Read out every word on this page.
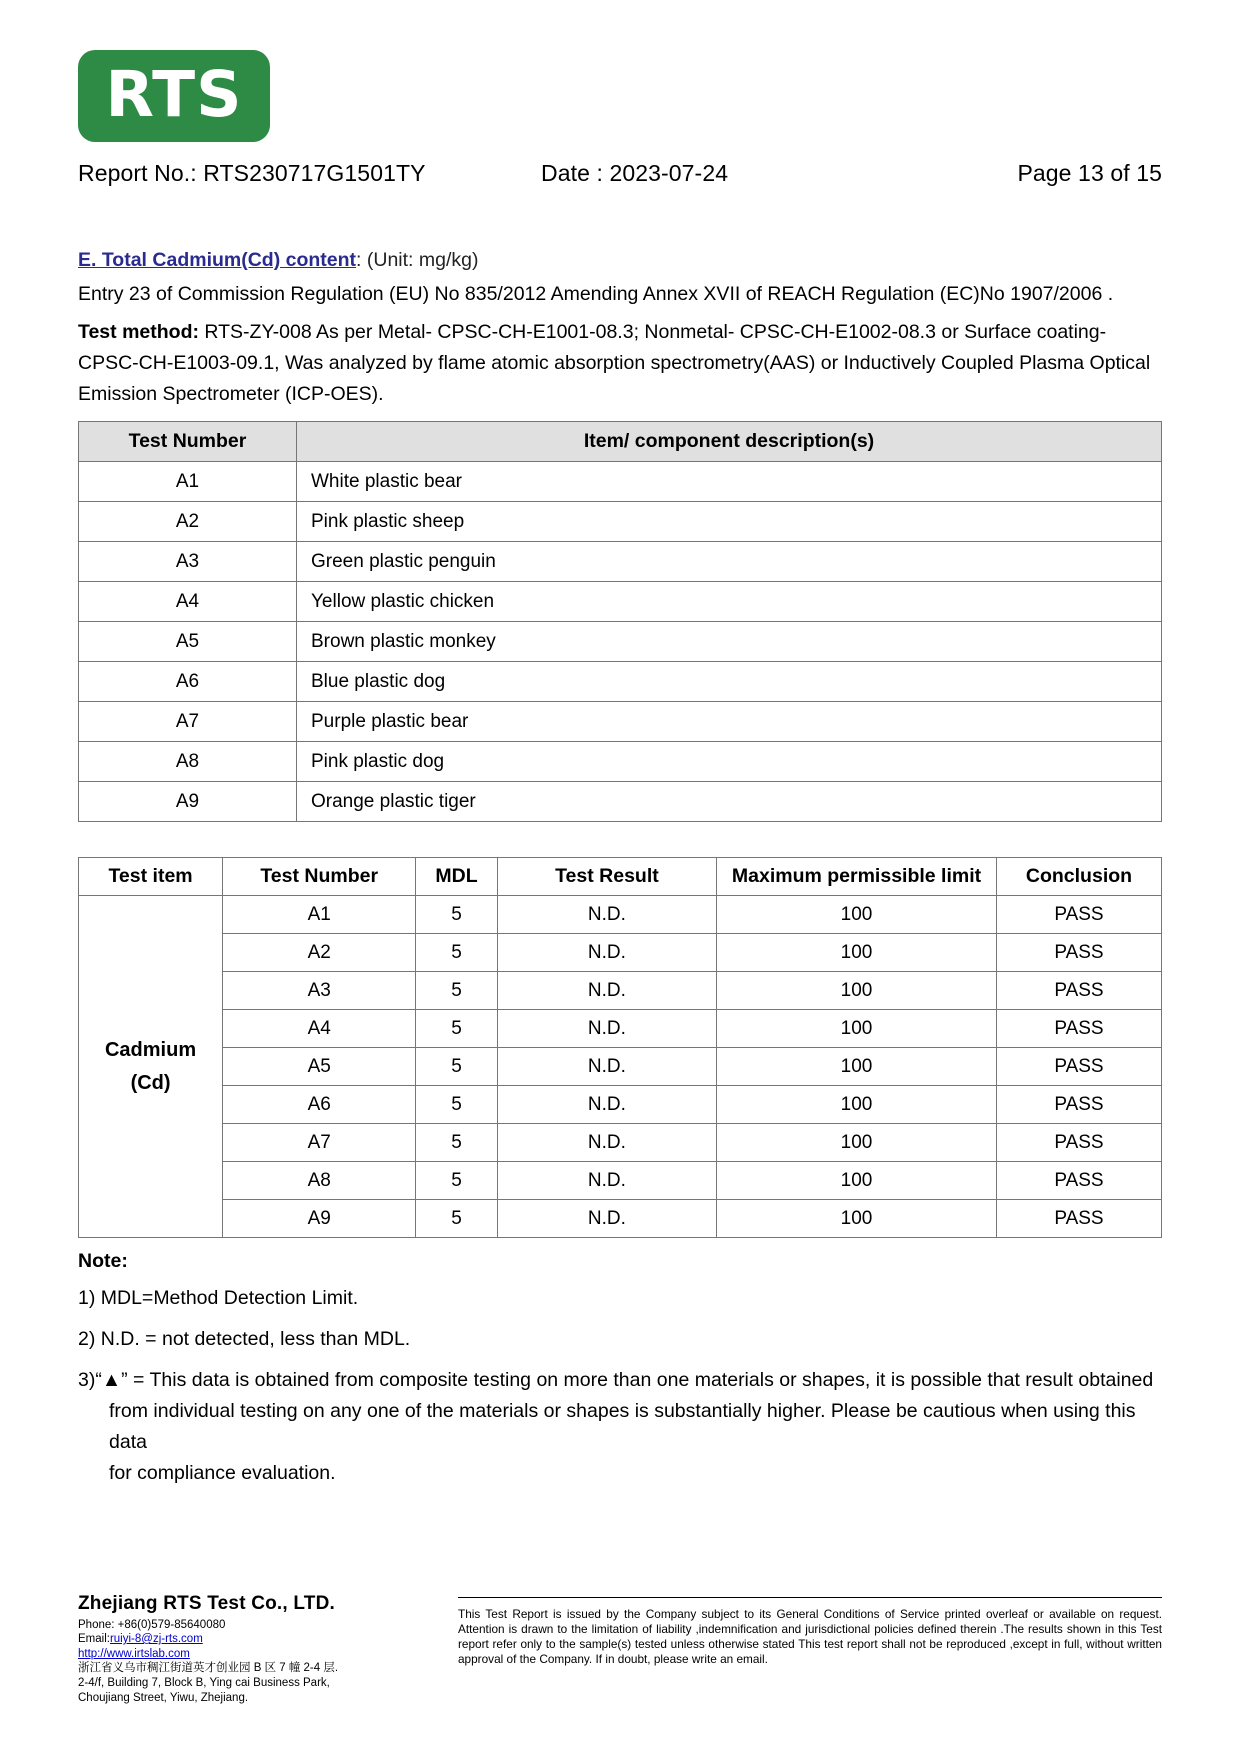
RTS
Report No.: RTS230717G1501TY	Date : 2023-07-24	Page 13 of 15
E. Total Cadmium(Cd) content: (Unit: mg/kg)
Entry 23 of Commission Regulation (EU) No 835/2012 Amending Annex XVII of REACH Regulation (EC)No 1907/2006 .
Test method: RTS-ZY-008 As per Metal- CPSC-CH-E1001-08.3; Nonmetal- CPSC-CH-E1002-08.3 or Surface coating-CPSC-CH-E1003-09.1, Was analyzed by flame atomic absorption spectrometry(AAS) or Inductively Coupled Plasma Optical Emission Spectrometer (ICP-OES).
Test Number	Item/ component description(s)
A1	White plastic bear
A2	Pink plastic sheep
A3	Green plastic penguin
A4	Yellow plastic chicken
A5	Brown plastic monkey
A6	Blue plastic dog
A7	Purple plastic bear
A8	Pink plastic dog
A9	Orange plastic tiger
Test item	Test Number	MDL	Test Result	Maximum permissible limit	Conclusion

Cadmium
(Cd)	A1	5	N.D.	100	PASS
	A2	5	N.D.	100	PASS
	A3	5	N.D.	100	PASS
	A4	5	N.D.	100	PASS
	A5	5	N.D.	100	PASS
	A6	5	N.D.	100	PASS
	A7	5	N.D.	100	PASS
	A8	5	N.D.	100	PASS
	A9	5	N.D.	100	PASS
Note:
1) MDL=Method Detection Limit.
2) N.D. = not detected, less than MDL.
3)“▲” = This data is obtained from composite testing on more than one materials or shapes, it is possible that result obtained
from individual testing on any one of the materials or shapes is substantially higher. Please be cautious when using this data
for compliance evaluation.
Zhejiang RTS Test Co., LTD.
Phone: +86(0)579-85640080
Email:ruiyi-8@zj-rts.com
http://www.irtslab.com
浙江省义乌市稠江街道英才创业园 B 区 7 幢 2-4 层.
2-4/f, Building 7, Block B, Ying cai Business Park,
Choujiang Street, Yiwu, Zhejiang.
This Test Report is issued by the Company subject to its General Conditions of Service printed overleaf or available on request. Attention is drawn to the limitation of liability ,indemnification and jurisdictional policies defined therein .The results shown in this Test report refer only to the sample(s) tested unless otherwise stated This test report shall not be reproduced ,except in full, without written approval of the Company. If in doubt, please write an email.
